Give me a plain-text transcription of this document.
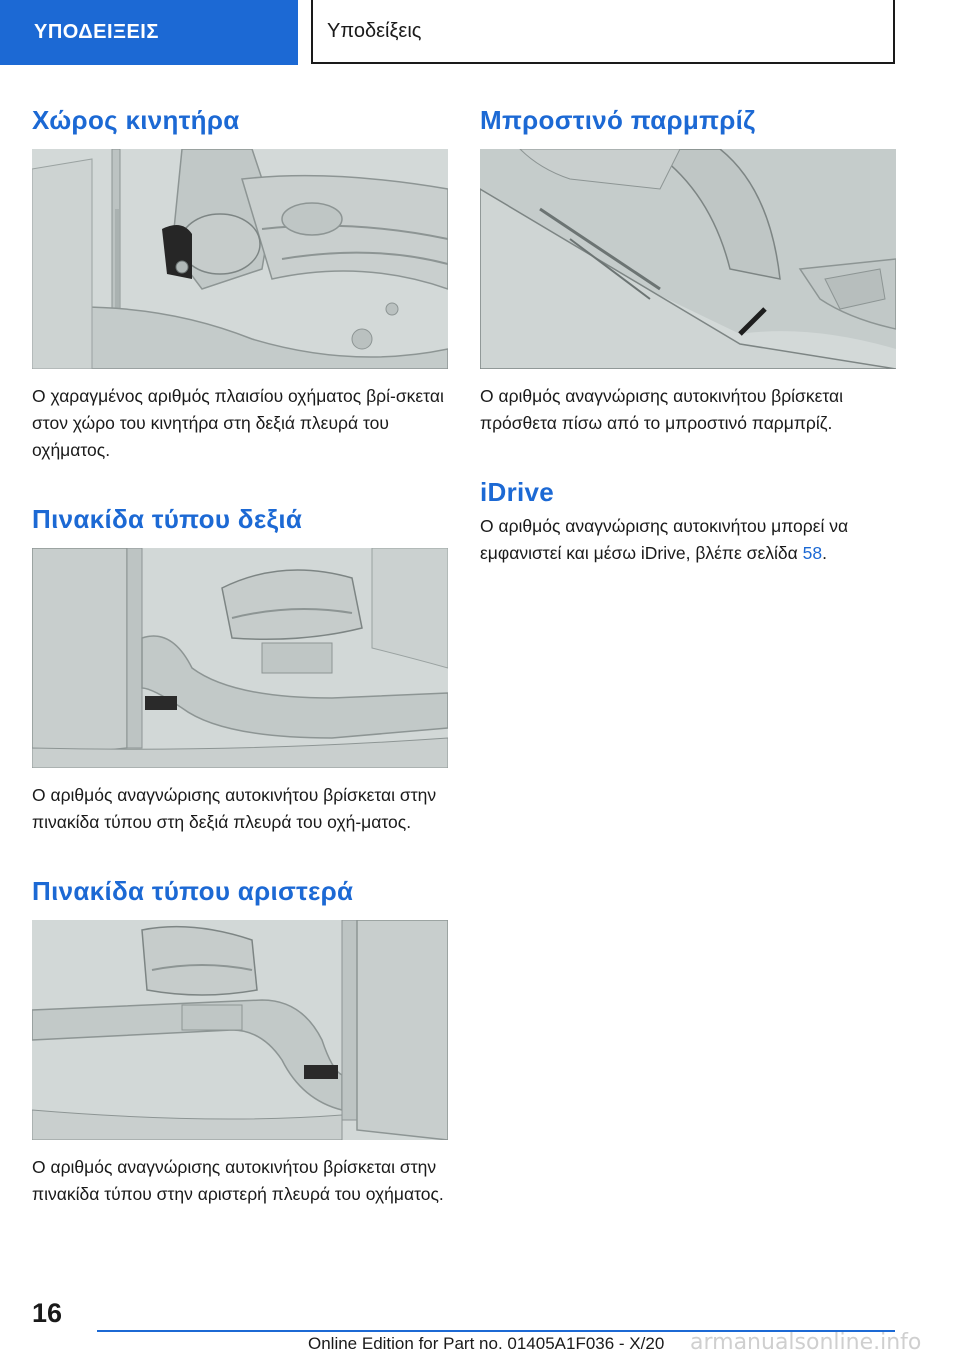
ΥΠΟΔΕΙΞΕΙΣ	Υποδείξεις
Χώρος κινητήρα

Ο χαραγμένος αριθμός πλαισίου οχήματος βρί-σκεται στον χώρο του κινητήρα στη δεξιά πλευρά του οχήματος.

Πινακίδα τύπου δεξιά

Ο αριθμός αναγνώρισης αυτοκινήτου βρίσκεται στην πινακίδα τύπου στη δεξιά πλευρά του οχή-ματος.

Πινακίδα τύπου αριστερά

Ο αριθμός αναγνώρισης αυτοκινήτου βρίσκεται στην πινακίδα τύπου στην αριστερή πλευρά του οχήματος.

Μπροστινό παρμπρίζ

Ο αριθμός αναγνώρισης αυτοκινήτου βρίσκεται πρόσθετα πίσω από το μπροστινό παρμπρίζ.

iDrive

Ο αριθμός αναγνώρισης αυτοκινήτου μπορεί να εμφανιστεί και μέσω iDrive, βλέπε σελίδα 58.

16
Online Edition for Part no. 01405A1F036 - X/20 armanualsonline.info
